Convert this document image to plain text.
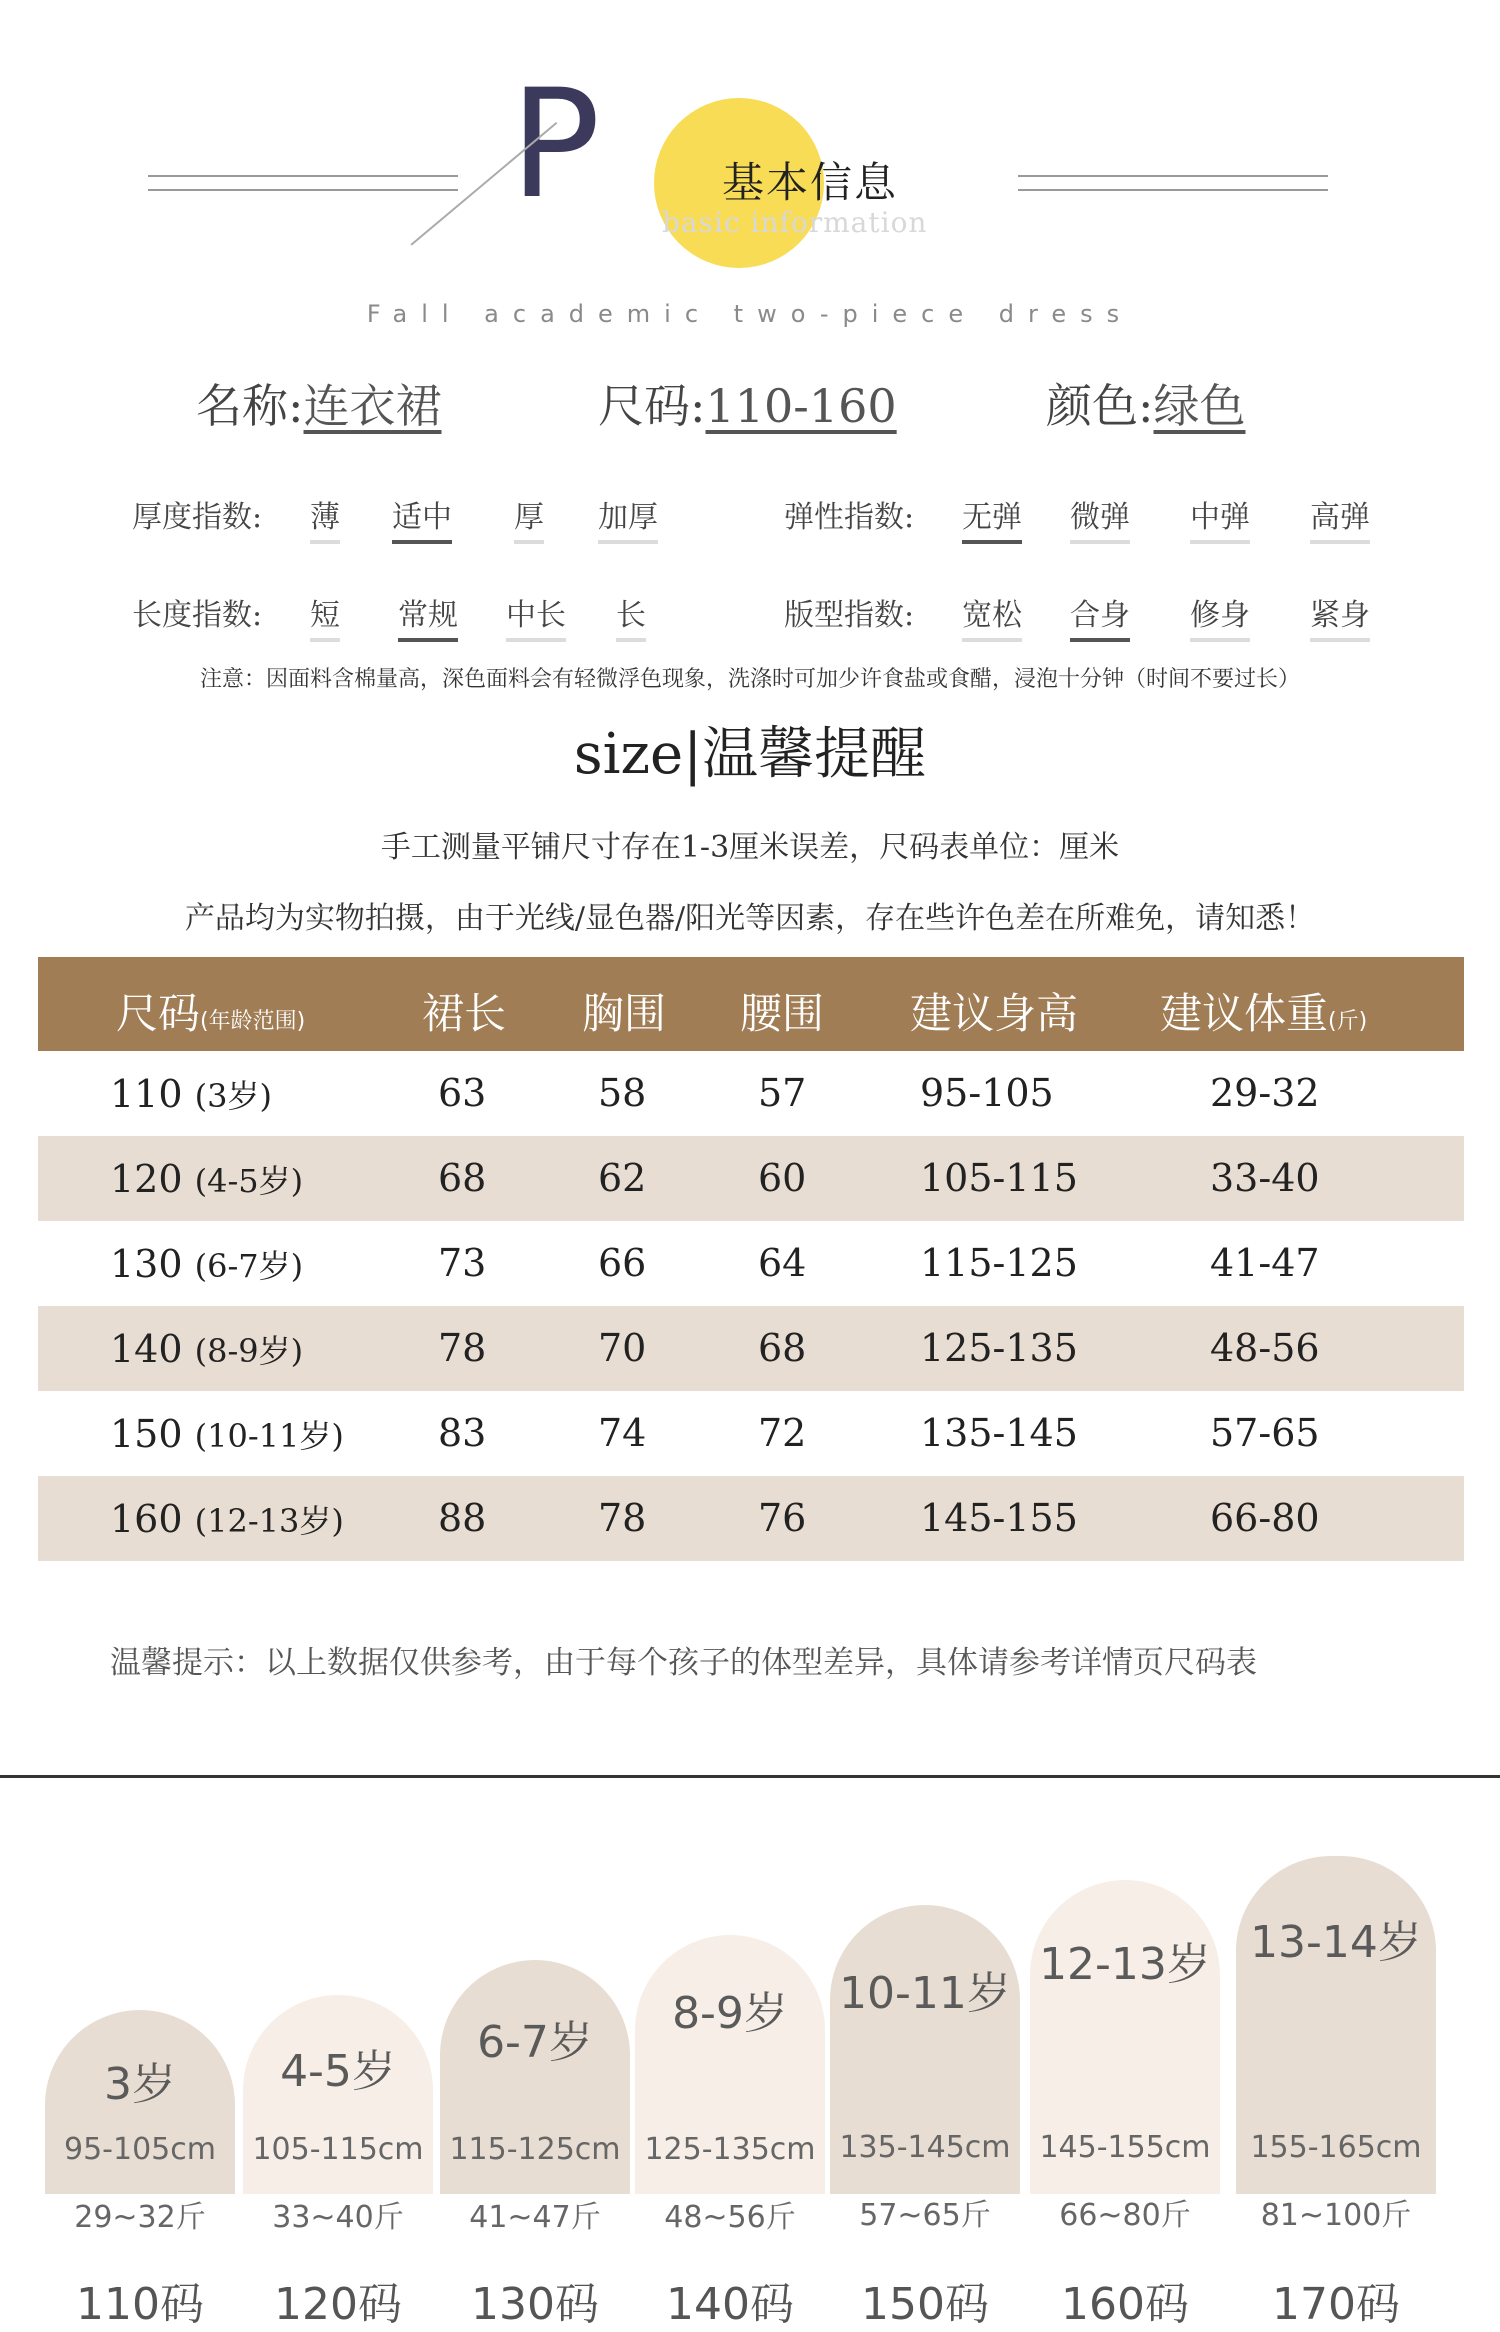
P	基本信息
basic information
Fall academic two-piece dress
名称:连衣裙	尺码:110-160	颜色:绿色
厚度指数: 薄 适中 厚 加厚	弹性指数: 无弹 微弹 中弹 高弹
长度指数: 短 常规 中长 长	版型指数: 宽松 合身 修身 紧身
注意：因面料含棉量高，深色面料会有轻微浮色现象，洗涤时可加少许食盐或食醋，浸泡十分钟（时间不要过长）
size|温馨提醒
手工测量平铺尺寸存在1-3厘米误差，尺码表单位：厘米
产品均为实物拍摄，由于光线/显色器/阳光等因素，存在些许色差在所难免，请知悉！
尺码(年龄范围)	裙长 胸围 腰围 建议身高 建议体重(斤)
110 (3岁)	63	58	57	95-105	29-32
120 (4-5岁)	68	62	60	105-115	33-40
130 (6-7岁)	73	66	64	115-125	41-47
140 (8-9岁)	78	70	68	125-135	48-56
150 (10-11岁) 83	74	72	135-145	57-65
160 (12-13岁) 88	78	76	145-155	66-80
温馨提示：以上数据仅供参考，由于每个孩子的体型差异，具体请参考详情页尺码表
3岁
95-105cm
29~32斤
4-5岁
105-115cm
33~40斤
6-7岁
115-125cm
41~47斤
8-9岁
125-135cm
48~56斤
10-11岁
135-145cm
57~65斤
12-13岁
145-155cm
66~80斤
13-14岁
155-165cm
81~100斤
110码	120码	130码	140码	150码	160码	170码
